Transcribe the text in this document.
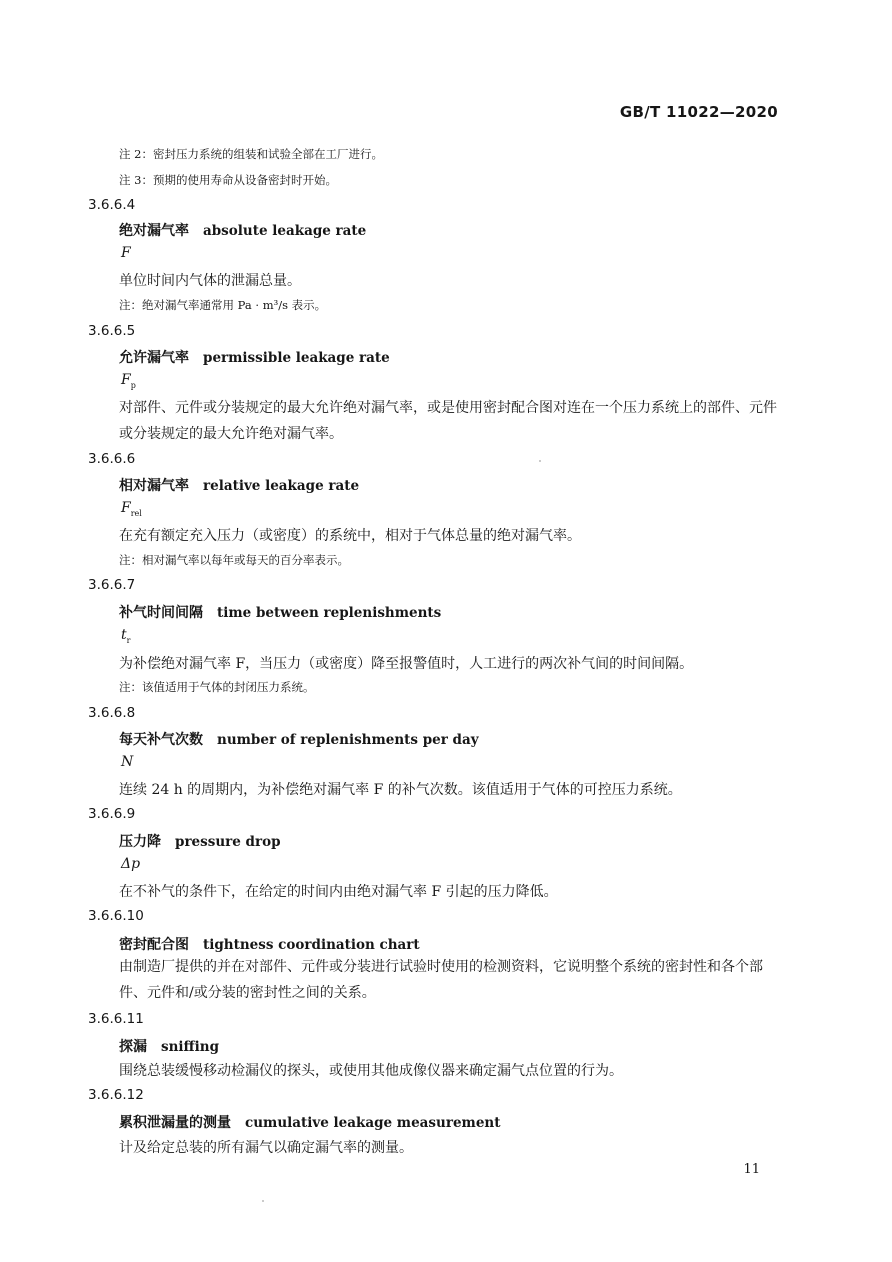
GB/T 11022—2020
注 2：密封压力系统的组装和试验全部在工厂进行。
注 3：预期的使用寿命从设备密封时开始。
3.6.6.4
绝对漏气率 absolute leakage rate
F
单位时间内气体的泄漏总量。
注：绝对漏气率通常用 Pa · m³/s 表示。
3.6.6.5
允许漏气率 permissible leakage rate
$F_p$
对部件、元件或分装规定的最大允许绝对漏气率，或是使用密封配合图对连在一个压力系统上的部件、元件或分装规定的最大允许绝对漏气率。
3.6.6.6
相对漏气率 relative leakage rate
$F_{rel}$
在充有额定充入压力（或密度）的系统中，相对于气体总量的绝对漏气率。
注：相对漏气率以每年或每天的百分率表示。
3.6.6.7
补气时间间隔 time between replenishments
$t_r$
为补偿绝对漏气率 F，当压力（或密度）降至报警值时，人工进行的两次补气间的时间间隔。
注：该值适用于气体的封闭压力系统。
3.6.6.8
每天补气次数 number of replenishments per day
N
连续 24 h 的周期内，为补偿绝对漏气率 F 的补气次数。该值适用于气体的可控压力系统。
3.6.6.9
压力降 pressure drop
Δp
在不补气的条件下，在给定的时间内由绝对漏气率 F 引起的压力降低。
3.6.6.10
密封配合图 tightness coordination chart
由制造厂提供的并在对部件、元件或分装进行试验时使用的检测资料，它说明整个系统的密封性和各个部件、元件和/或分装的密封性之间的关系。
3.6.6.11
探漏 sniffing
围绕总装缓慢移动检漏仪的探头，或使用其他成像仪器来确定漏气点位置的行为。
3.6.6.12
累积泄漏量的测量 cumulative leakage measurement
计及给定总装的所有漏气以确定漏气率的测量。
11
